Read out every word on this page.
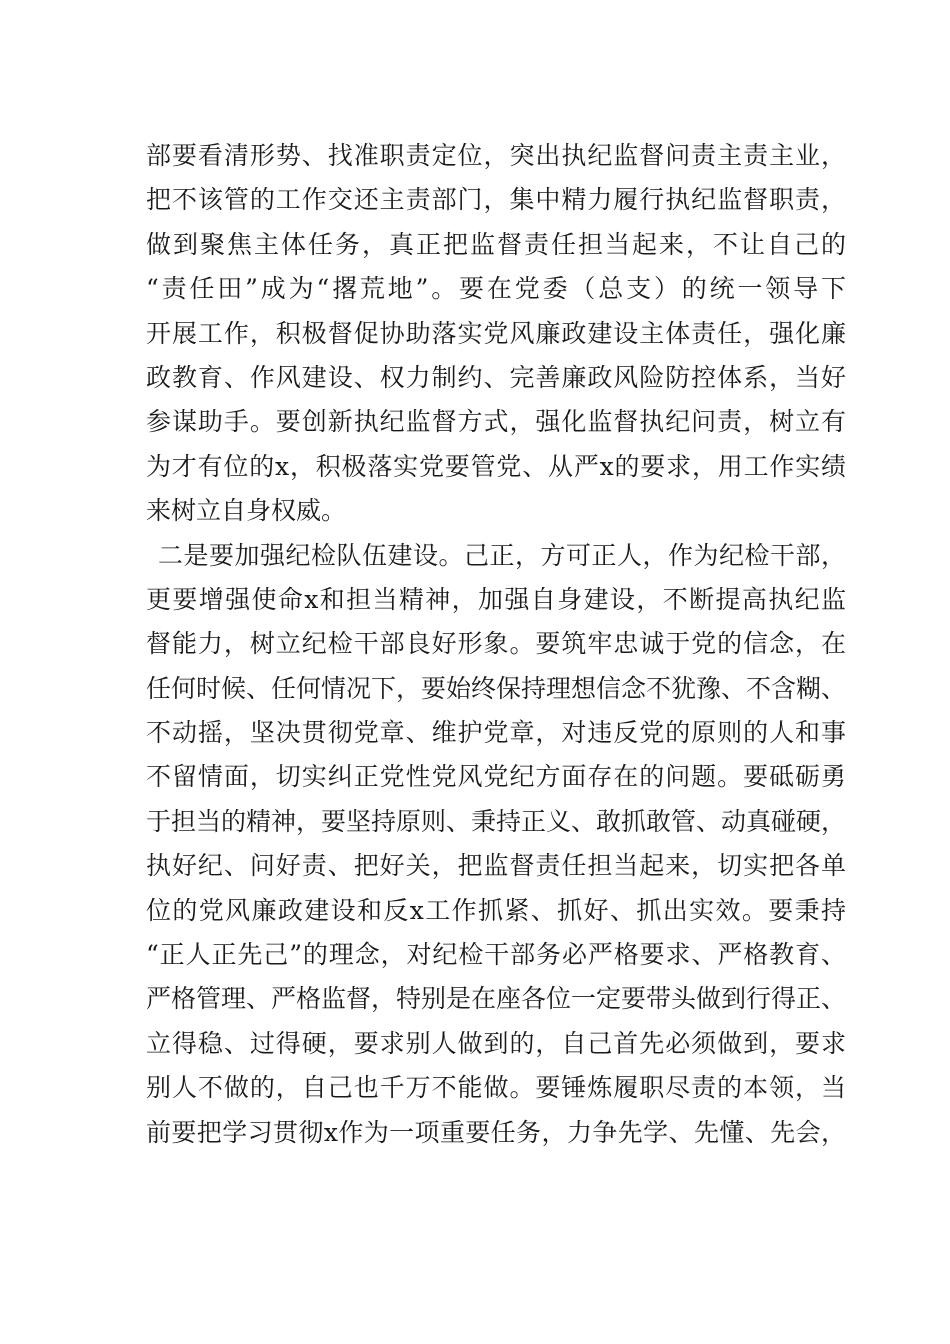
部要看清形势、找准职责定位，突出执纪监督问责主责主业，
把不该管的工作交还主责部门，集中精力履行执纪监督职责，
做到聚焦主体任务，真正把监督责任担当起来，不让自己的
“责任田”成为“撂荒地”。要在党委（总支）的统一领导下
开展工作，积极督促协助落实党风廉政建设主体责任，强化廉
政教育、作风建设、权力制约、完善廉政风险防控体系，当好
参谋助手。要创新执纪监督方式，强化监督执纪问责，树立有
为才有位的x，积极落实党要管党、从严x的要求，用工作实绩
来树立自身权威。
二是要加强纪检队伍建设。己正，方可正人，作为纪检干部，
更要增强使命x和担当精神，加强自身建设，不断提高执纪监
督能力，树立纪检干部良好形象。要筑牢忠诚于党的信念，在
任何时候、任何情况下，要始终保持理想信念不犹豫、不含糊、
不动摇，坚决贯彻党章、维护党章，对违反党的原则的人和事
不留情面，切实纠正党性党风党纪方面存在的问题。要砥砺勇
于担当的精神，要坚持原则、秉持正义、敢抓敢管、动真碰硬，
执好纪、问好责、把好关，把监督责任担当起来，切实把各单
位的党风廉政建设和反x工作抓紧、抓好、抓出实效。要秉持
“正人正先己”的理念，对纪检干部务必严格要求、严格教育、
严格管理、严格监督，特别是在座各位一定要带头做到行得正、
立得稳、过得硬，要求别人做到的，自己首先必须做到，要求
别人不做的，自己也千万不能做。要锤炼履职尽责的本领，当
前要把学习贯彻x作为一项重要任务，力争先学、先懂、先会，
